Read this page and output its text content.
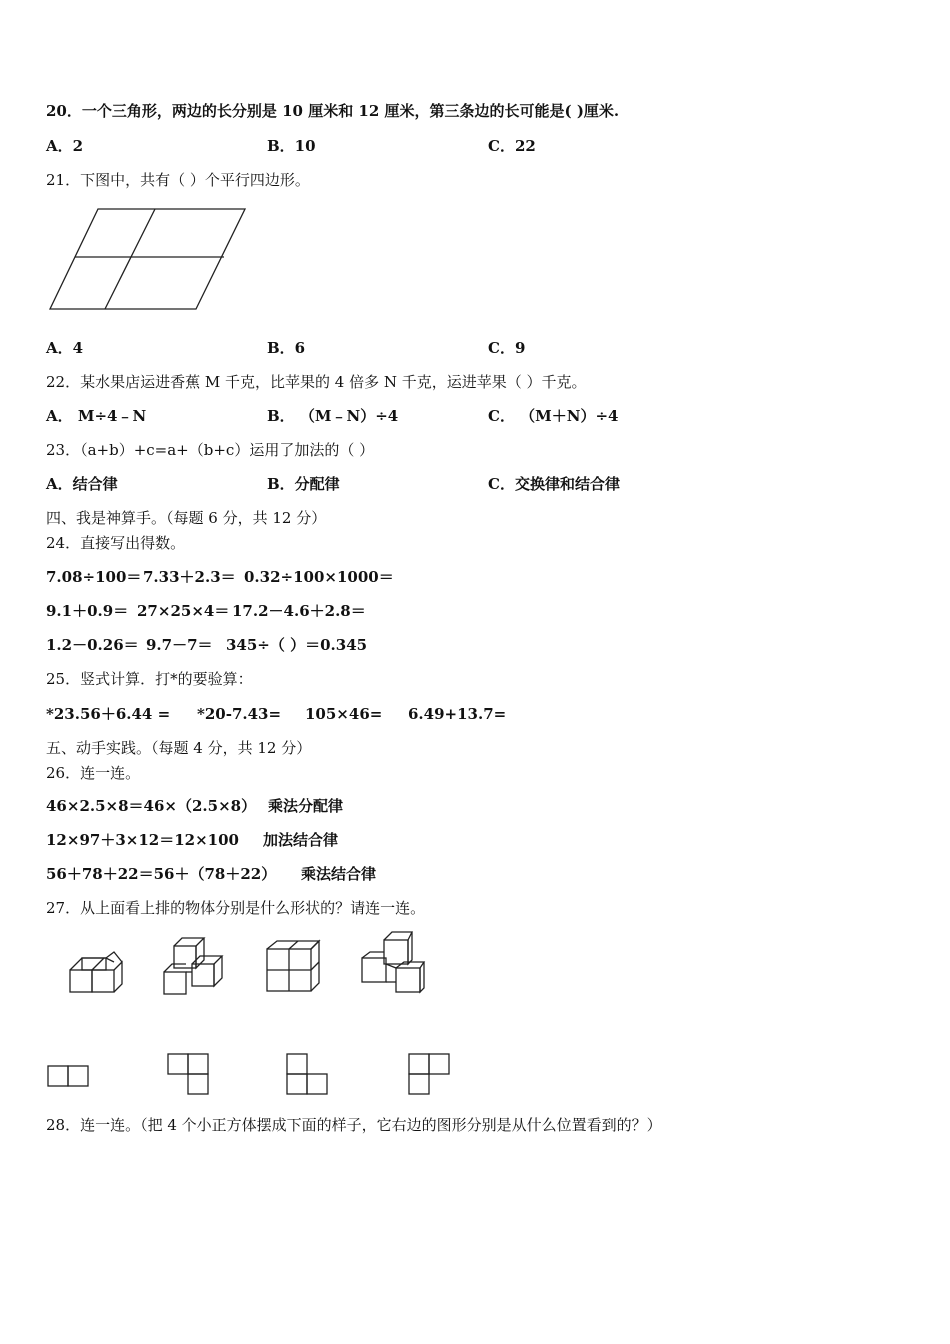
20．一个三角形，两边的长分别是 10 厘米和 12 厘米，第三条边的长可能是( )厘米.
A．2	B．10	C．22
21．下图中，共有（ ）个平行四边形。
A．4	B．6	C．9
22．某水果店运进香蕉 M 千克，比苹果的 4 倍多 N 千克，运进苹果（ ）千克。
A． M÷4﹣N	B． （M﹣N）÷4	C． （M＋N）÷4
23．（a+b）+c=a+（b+c）运用了加法的（ ）
A．结合律	B．分配律	C．交换律和结合律
四、我是神算手。（每题 6 分，共 12 分）
24．直接写出得数。
7.08÷100＝ 7.33＋2.3＝ 0.32÷100×1000＝
9.1＋0.9＝ 27×25×4＝ 17.2－4.6＋2.8＝
1.2－0.26＝ 9.7－7＝ 345÷（ ）＝0.345
25．竖式计算．打*的要验算：
*23.56＋6.44 = *20-7.43= 105×46= 6.49+13.7=
五、动手实践。（每题 4 分，共 12 分）
26．连一连。
46×2.5×8＝46×（2.5×8） 乘法分配律
12×97＋3×12＝12×100 加法结合律
56＋78＋22＝56＋（78＋22） 乘法结合律
27．从上面看上排的物体分别是什么形状的？请连一连。
28．连一连。（把 4 个小正方体摆成下面的样子，它右边的图形分别是从什么位置看到的？）
